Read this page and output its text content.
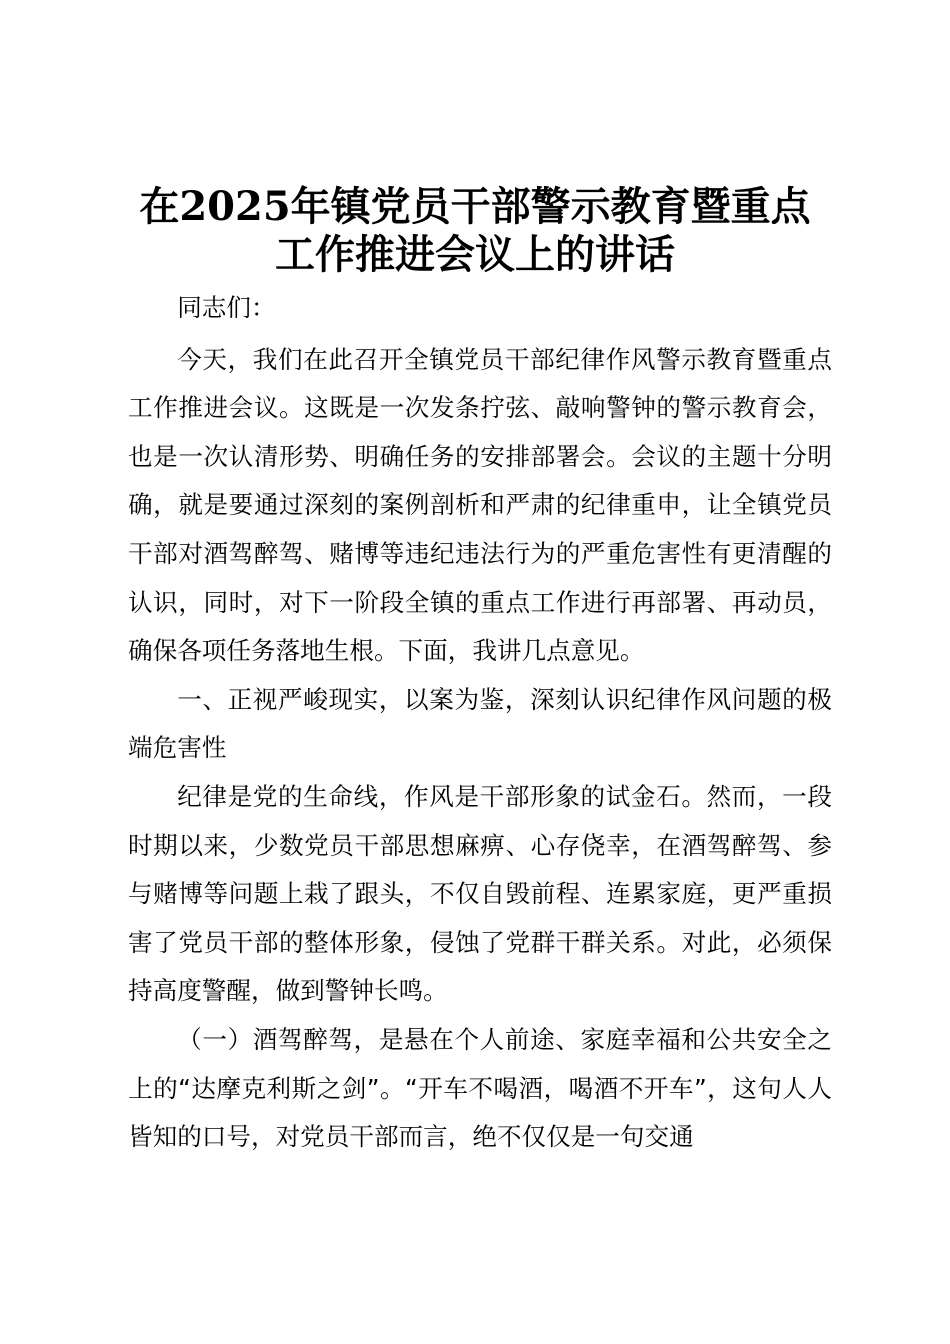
在2025年镇党员干部警示教育暨重点
工作推进会议上的讲话

同志们：

今天，我们在此召开全镇党员干部纪律作风警示教育暨重点工作推进会议。这既是一次发条拧弦、敲响警钟的警示教育会，也是一次认清形势、明确任务的安排部署会。会议的主题十分明确，就是要通过深刻的案例剖析和严肃的纪律重申，让全镇党员干部对酒驾醉驾、赌博等违纪违法行为的严重危害性有更清醒的认识，同时，对下一阶段全镇的重点工作进行再部署、再动员，确保各项任务落地生根。下面，我讲几点意见。

一、正视严峻现实，以案为鉴，深刻认识纪律作风问题的极端危害性

纪律是党的生命线，作风是干部形象的试金石。然而，一段时期以来，少数党员干部思想麻痹、心存侥幸，在酒驾醉驾、参与赌博等问题上栽了跟头，不仅自毁前程、连累家庭，更严重损害了党员干部的整体形象，侵蚀了党群干群关系。对此，必须保持高度警醒，做到警钟长鸣。

（一）酒驾醉驾，是悬在个人前途、家庭幸福和公共安全之上的“达摩克利斯之剑”。“开车不喝酒，喝酒不开车”，这句人人皆知的口号，对党员干部而言，绝不仅仅是一句交通
